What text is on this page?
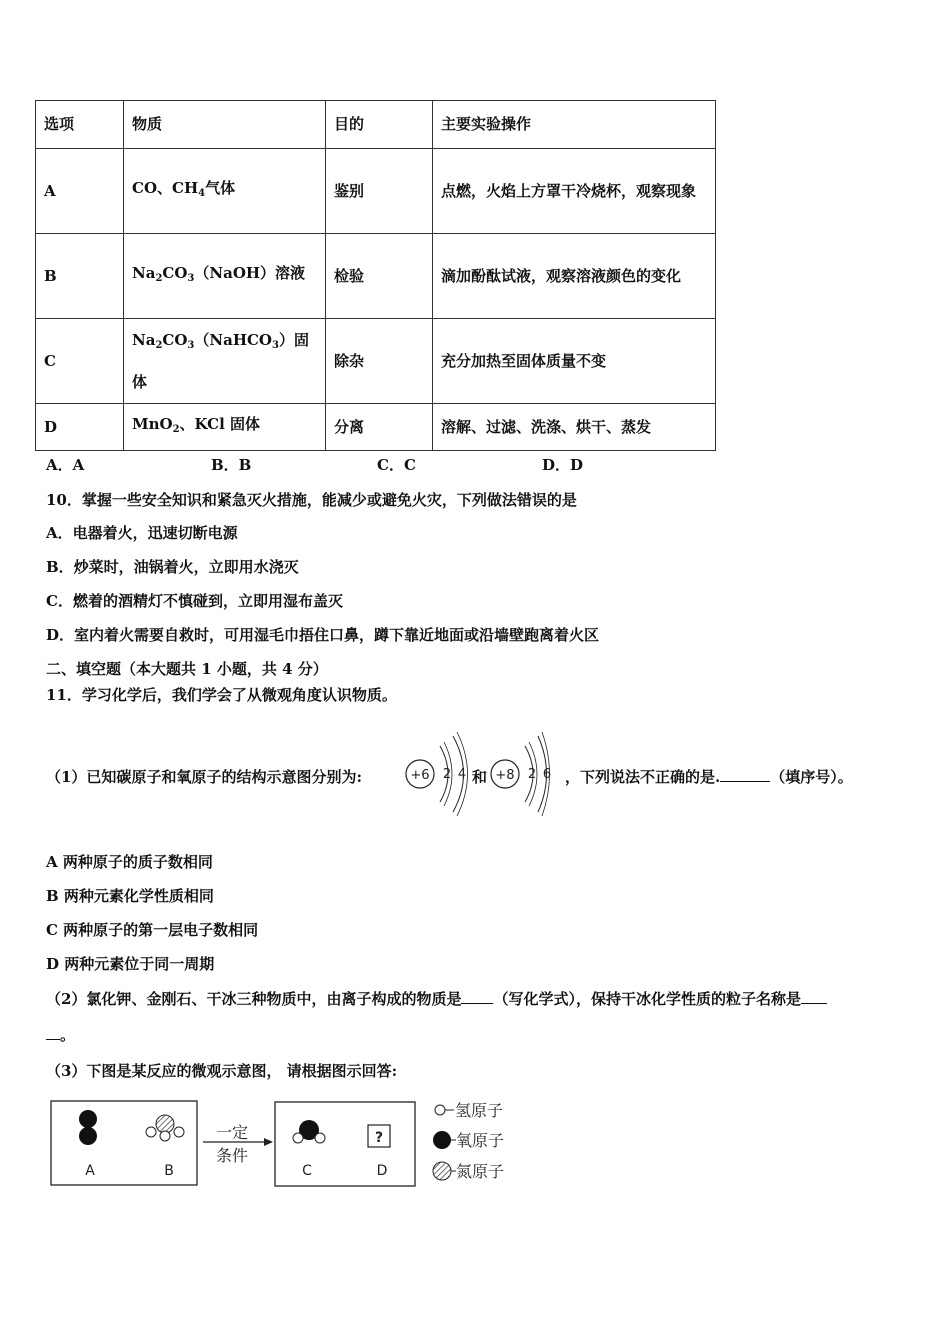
选项	物质	目的	主要实验操作
A	CO、$CH_4$气体	鉴别	点燃，火焰上方罩干冷烧杯，观察现象
B	$Na_2CO_3(NaOH)$溶液	检验	滴加酚酞试液，观察溶液颜色的变化
C	$Na_2CO_3(NaHCO_3)$固体	除杂	充分加热至固体质量不变
D	MnO$_2$、KCl 固体	分离	溶解、过滤、洗涤、烘干、蒸发
A．A	B．B	C．C	D．D
10．掌握一些安全知识和紧急灭火措施，能减少或避免火灾，下列做法错误的是
A．电器着火，迅速切断电源
B．炒菜时，油锅着火，立即用水浇灭
C．燃着的酒精灯不慎碰到，立即用湿布盖灭
D．室内着火需要自救时，可用湿毛巾捂住口鼻，蹲下靠近地面或沿墙壁跑离着火区
二、填空题（本大题共 1 小题，共 4 分）
11．学习化学后，我们学会了从微观角度认识物质。
（1）已知碳原子和氧原子的结构示意图分别为:	+6 2 4 +8 2 6
和	，下列说法不正确的是.	（填序号）。
A 两种原子的质子数相同
B 两种元素化学性质相同
C 两种原子的第一层电子数相同
D 两种元素位于同一周期
（2）氯化钾、金刚石、干冰三种物质中，由离子构成的物质是 （写化学式），保持干冰化学性质的粒子名称是
。
（3）下图是某反应的微观示意图， 请根据图示回答:
A	B
一定
条件
?
C	D
氢原子
氧原子
氮原子
